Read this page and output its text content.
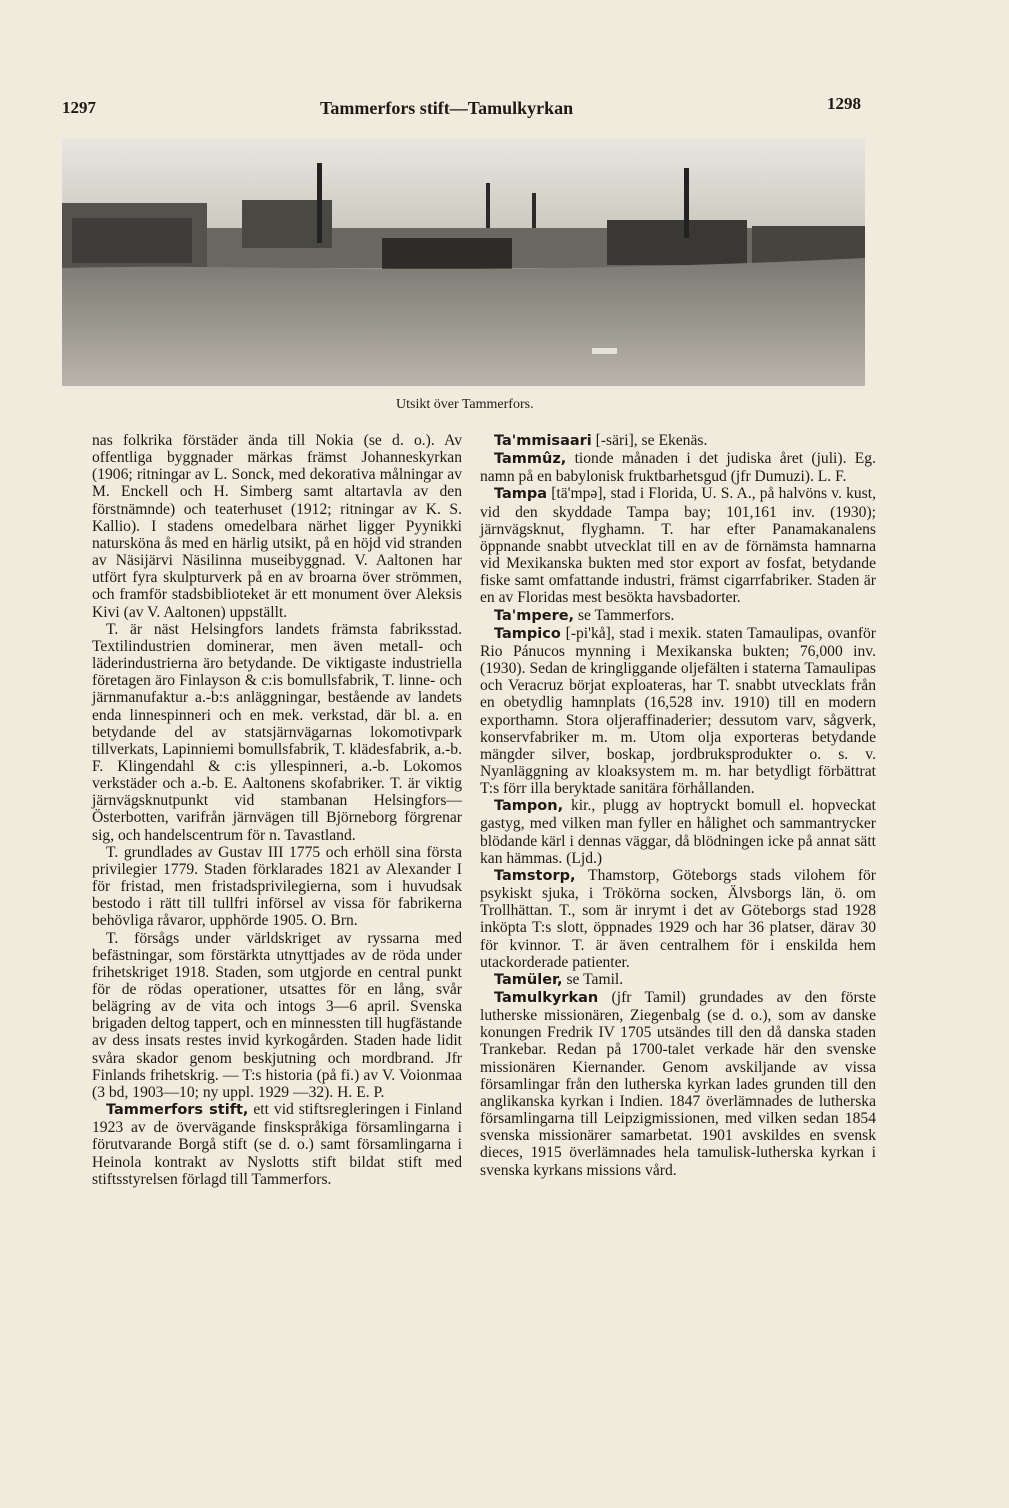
1297	Tammerfors stift—Tamulkyrkan	1298
Utsikt över Tammerfors.

nas folkrika förstäder ända till Nokia (se d. o.). Av offentliga byggnader märkas främst Johanneskyrkan (1906; ritningar av L. Sonck, med dekorativa målningar av M. Enckell och H. Simberg samt altartavla av den förstnämnde) och teaterhuset (1912; ritningar av K. S. Kallio). I stadens omedelbara närhet ligger Pyynikki natursköna ås med en härlig utsikt, på en höjd vid stranden av Näsijärvi Näsilinna museibyggnad. V. Aaltonen har utfört fyra skulpturverk på en av broarna över strömmen, och framför stadsbiblioteket är ett monument över Aleksis Kivi (av V. Aaltonen) uppställt.

T. är näst Helsingfors landets främsta fabriksstad. Textilindustrien dominerar, men även metall- och läderindustrierna äro betydande. De viktigaste industriella företagen äro Finlayson & c:is bomullsfabrik, T. linne- och järnmanufaktur a.-b:s anläggningar, bestående av landets enda linnespinneri och en mek. verkstad, där bl. a. en betydande del av statsjärnvägarnas lokomotivpark tillverkats, Lapinniemi bomullsfabrik, T. klädesfabrik, a.-b. F. Klingendahl & c:is yllespinneri, a.-b. Lokomos verkstäder och a.-b. E. Aaltonens skofabriker. T. är viktig järnvägsknutpunkt vid stambanan Helsingfors—Österbotten, varifrån järnvägen till Björneborg förgrenar sig, och handelscentrum för n. Tavastland.

T. grundlades av Gustav III 1775 och erhöll sina första privilegier 1779. Staden förklarades 1821 av Alexander I för fristad, men fristadsprivilegierna, som i huvudsak bestodo i rätt till tullfri införsel av vissa för fabrikerna behövliga råvaror, upphörde 1905. O. Brn.

T. försågs under världskriget av ryssarna med befästningar, som förstärkta utnyttjades av de röda under frihetskriget 1918. Staden, som utgjorde en central punkt för de rödas operationer, utsattes för en lång, svår belägring av de vita och intogs 3—6 april. Svenska brigaden deltog tappert, och en minnessten till hugfästande av dess insats restes invid kyrkogården. Staden hade lidit svåra skador genom beskjutning och mordbrand. Jfr Finlands frihetskrig. — T:s historia (på fi.) av V. Voionmaa (3 bd, 1903—10; ny uppl. 1929 —32). H. E. P.

Tammerfors stift, ett vid stiftsregleringen i Finland 1923 av de övervägande finskspråkiga församlingarna i förutvarande Borgå stift (se d. o.) samt församlingarna i Heinola kontrakt av Nyslotts stift bildat stift med stiftsstyrelsen förlagd till Tammerfors.

Ta'mmisaari [-säri], se Ekenäs.

Tammûz, tionde månaden i det judiska året (juli). Eg. namn på en babylonisk fruktbarhetsgud (jfr Dumuzi). L. F.

Tampa [tä'mpə], stad i Florida, U. S. A., på halvöns v. kust, vid den skyddade Tampa bay; 101,161 inv. (1930); järnvägsknut, flyghamn. T. har efter Panamakanalens öppnande snabbt utvecklat till en av de förnämsta hamnarna vid Mexikanska bukten med stor export av fosfat, betydande fiske samt omfattande industri, främst cigarrfabriker. Staden är en av Floridas mest besökta havsbadorter.

Ta'mpere, se Tammerfors.

Tampico [-pi'kå], stad i mexik. staten Tamaulipas, ovanför Rio Pánucos mynning i Mexikanska bukten; 76,000 inv. (1930). Sedan de kringliggande oljefälten i staterna Tamaulipas och Veracruz börjat exploateras, har T. snabbt utvecklats från en obetydlig hamnplats (16,528 inv. 1910) till en modern exporthamn. Stora oljeraffinaderier; dessutom varv, sågverk, konservfabriker m. m. Utom olja exporteras betydande mängder silver, boskap, jordbruksprodukter o. s. v. Nyanläggning av kloaksystem m. m. har betydligt förbättrat T:s förr illa beryktade sanitära förhållanden.

Tampon, kir., plugg av hoptryckt bomull el. hopveckat gastyg, med vilken man fyller en hålighet och sammantrycker blödande kärl i dennas väggar, då blödningen icke på annat sätt kan hämmas. (Ljd.)

Tamstorp, Thamstorp, Göteborgs stads vilohem för psykiskt sjuka, i Trökörna socken, Älvsborgs län, ö. om Trollhättan. T., som är inrymt i det av Göteborgs stad 1928 inköpta T:s slott, öppnades 1929 och har 36 platser, därav 30 för kvinnor. T. är även centralhem för i enskilda hem utackorderade patienter.

Tamüler, se Tamil.

Tamulkyrkan (jfr Tamil) grundades av den förste lutherske missionären, Ziegenbalg (se d. o.), som av danske konungen Fredrik IV 1705 utsändes till den då danska staden Trankebar. Redan på 1700-talet verkade här den svenske missionären Kiernander. Genom avskiljande av vissa församlingar från den lutherska kyrkan lades grunden till den anglikanska kyrkan i Indien. 1847 överlämnades de lutherska församlingarna till Leipzigmissionen, med vilken sedan 1854 svenska missionärer samarbetat. 1901 avskildes en svensk dieces, 1915 överlämnades hela tamulisk-lutherska kyrkan i svenska kyrkans missions vård.
